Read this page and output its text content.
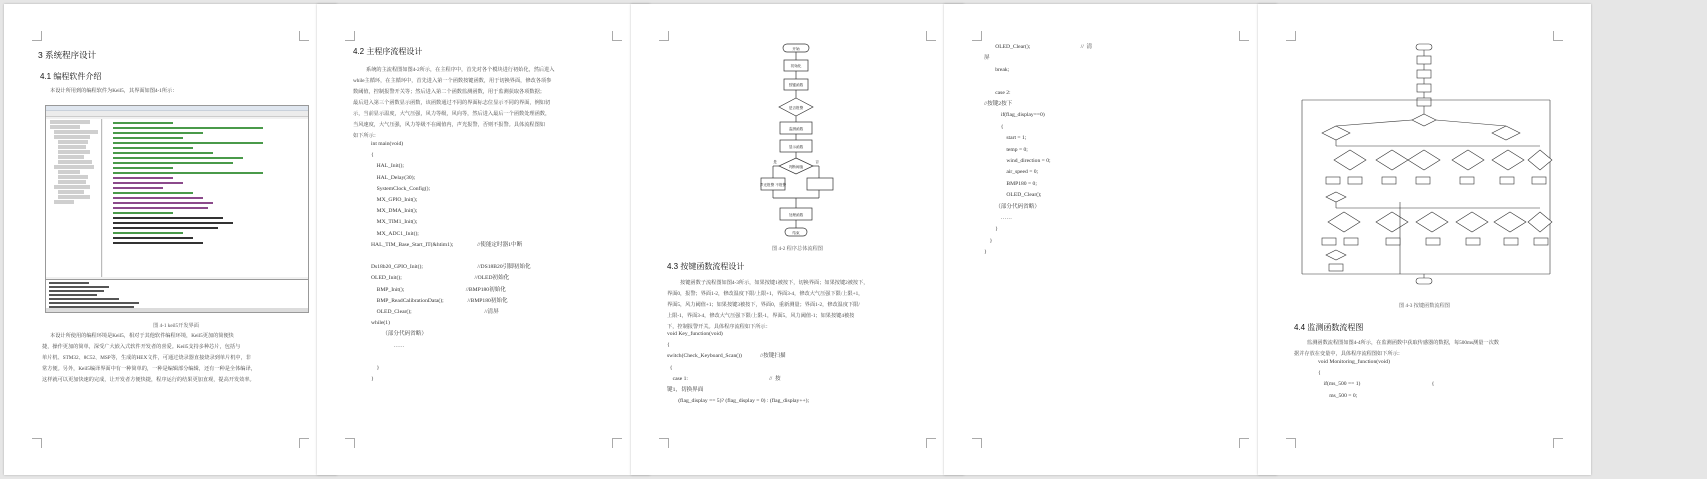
3 系统程序设计
4.1 编程软件介绍
本设计所用到的编程软件为Keil5，其界面如图4-1所示：
图 4-1 keil5开发界面
本设计所使用的编程环境是Keil5，相对于其他软件编程环境，Keil5更加的简便快
捷，操作更加的简单，深受广大嵌入式软件开发者的喜爱。Keil5支持多种芯片，包括与
单片机、STM32、8C52、MSP等，生成的HEX文件，可通过烧录器直接烧录到单片机中，非
常方便。另外，Keil5编译界面中有一种简单的，一种是编辑部分编辑，还有一种是全体编译，
这样就可以更加快速的完成，让开发者方便快捷，程序运行的结果更加直观，提高开发效率。
4.2 主程序流程设计
系统的主流程图如图4-2所示，在主程序中，首先对各个模块进行初始化，然后进入
while主循环，在主循环中，首先进入第一个函数按键函数，用于切换界面，修改各项参
数阈值，控制报警开关等；然后进入第二个函数监测函数，用于监测获取各项数据；
最后进入第三个函数显示函数，该函数通过不同的界面标志位显示不同的界面，例如切
示，当前显示温度，大气压强，风力等级，风向等，然后进入最后一个函数处理函数，
当风速度，大气压强，风力等级不在阈值内，声光报警，否则不报警。具体流程图如
如下所示：
int main(void)
{
HAL_Init();
HAL_Delay(30);
SystemClock_Config();
MX_GPIO_Init();
MX_DMA_Init();
MX_TIM1_Init();
MX_ADC1_Init();
HAL_TIM_Base_Start_IT(&htim1);                 //使能定时器1中断
Ds18b20_GPIO_Init();                                       //DS18B20引脚初始化
OLED_Init();                                                    //OLED初始化
BMP_Init();                                            //BMP180初始化
BMP_ReadCalibrationData();                 //BMP180初始化
OLED_Clear();                                                    //清屏
while(1)
（部分代码省略）
……
}
}
开始
初始化
按键函数
是否报警
监测函数
显示函数
判断阈值
是	否
声光报警 不报警
处理函数
结束
图 4-2 程序总体流程图
4.3 按键函数流程设计
按键函数子流程图如图4-3所示，如果按键1被按下，切换界面；如果按键2被按下，
界面0，报警；界面1-2，修改温度下限/上限+1，界面3-4，修改大气压强下限/上限+1，
界面5，风力阈值+1；如果按键3被按下，界面0，重新测量；界面1-2，修改温度下限/
上限-1，界面3-4，修改大气压强下限/上限-1，界面5，风力阈值-1；如果按键4被按
下，控制报警开关。具体程序流程如下所示：
void Key_function(void)
{
switch(Check_Keyboard_Scan())             //按键扫描
{
case 1:                                                          //  按
键1，切换界面
(flag_display == 5)? (flag_display = 0) : (flag_display++);
OLED_Clear();                                    //  清
屏
break;
case 2:
//按键2按下
if(flag_display==0)
{
start = 1;
temp = 0;
wind_direction = 0;
air_speed = 0;
BMP180 = 0;
OLED_Clear();
（部分代码省略）
……
}
}
}
图 4-3 按键函数流程图
4.4 监测函数流程图
监测函数流程图如图4-4所示，在监测函数中获取传感器的数据，每500ms测量一次数
据并存放在变量中，具体程序流程图如下所示：
void Monitoring_function(void)
{
if(ms_500 == 1)                                                   {
ms_500 = 0;
